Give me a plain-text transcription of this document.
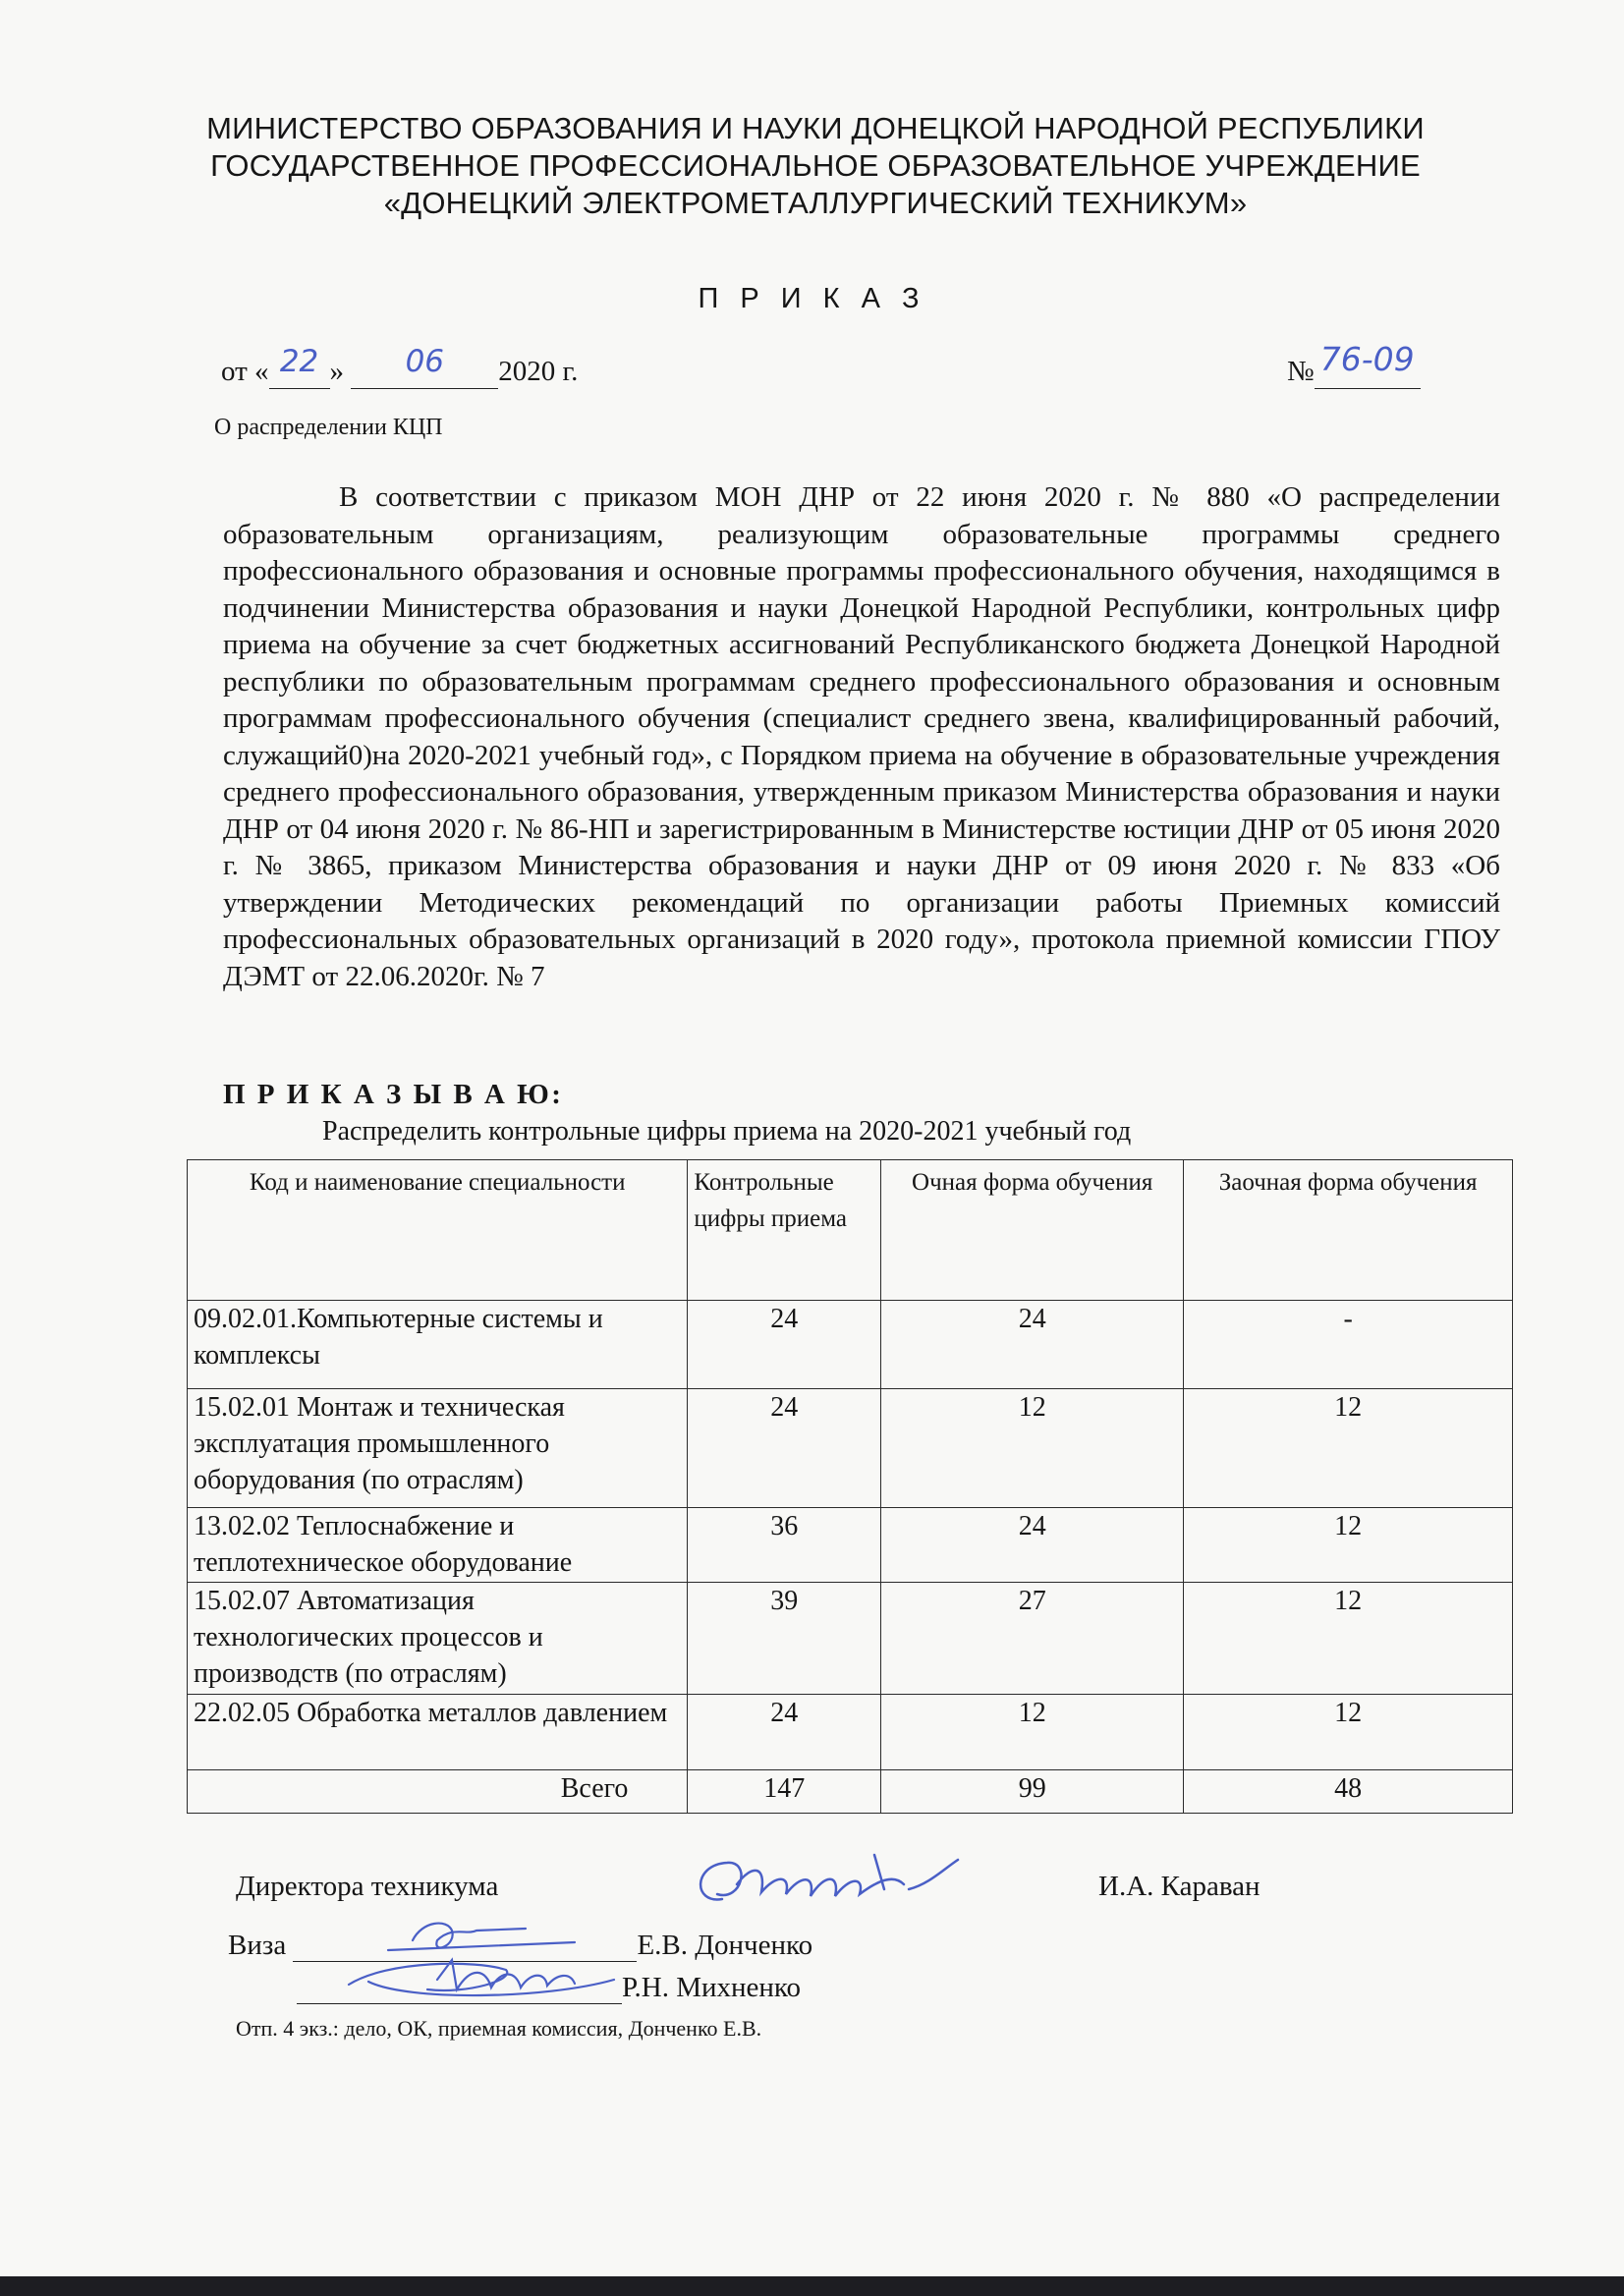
МИНИСТЕРСТВО ОБРАЗОВАНИЯ И НАУКИ ДОНЕЦКОЙ НАРОДНОЙ РЕСПУБЛИКИ
ГОСУДАРСТВЕННОЕ ПРОФЕССИОНАЛЬНОЕ ОБРАЗОВАТЕЛЬНОЕ УЧРЕЖДЕНИЕ
«ДОНЕЦКИЙ ЭЛЕКТРОМЕТАЛЛУРГИЧЕСКИЙ ТЕХНИКУМ»
П Р И К А З
от « 22 »	06	2020 г.	№ 76-09

О распределении КЦП
В соответствии с приказом МОН ДНР от 22 июня 2020 г. № 880 «О распределении образовательным организациям, реализующим образовательные программы среднего профессионального образования и основные программы профессионального обучения, находящимся в подчинении Министерства образования и науки Донецкой Народной Республики, контрольных цифр приема на обучение за счет бюджетных ассигнований Республиканского бюджета Донецкой Народной республики по образовательным программам среднего профессионального образования и основным программам профессионального обучения (специалист среднего звена, квалифицированный рабочий, служащий0)на 2020-2021 учебный год», с Порядком приема на обучение в образовательные учреждения среднего профессионального образования, утвержденным приказом Министерства образования и науки ДНР от 04 июня 2020 г. № 86-НП и зарегистрированным в Министерстве юстиции ДНР от 05 июня 2020 г. № 3865, приказом Министерства образования и науки ДНР от 09 июня 2020 г. № 833 «Об утверждении Методических рекомендаций по организации работы Приемных комиссий профессиональных образовательных организаций в 2020 году», протокола приемной комиссии ГПОУ ДЭМТ от 22.06.2020г. № 7
П Р И К А З Ы В А Ю:
Распределить контрольные цифры приема на 2020-2021 учебный год
Код и наименование специальности	Контрольные цифры приема	Очная форма обучения	Заочная форма обучения
09.02.01.Компьютерные системы и комплексы	24	24	-
15.02.01 Монтаж и техническая эксплуатация промышленного оборудования (по отраслям)	24	12	12
13.02.02 Теплоснабжение и теплотехническое оборудование	36	24	12
15.02.07 Автоматизация технологических процессов и производств (по отраслям)	39	27	12
22.02.05 Обработка металлов давлением	24	12	12
Всего	147	99	48
Директора техникума	И.А. Караван
Виза	Е.В. Донченко
Р.Н. Михненко
Отп. 4 экз.: дело, ОК, приемная комиссия, Донченко Е.В.
